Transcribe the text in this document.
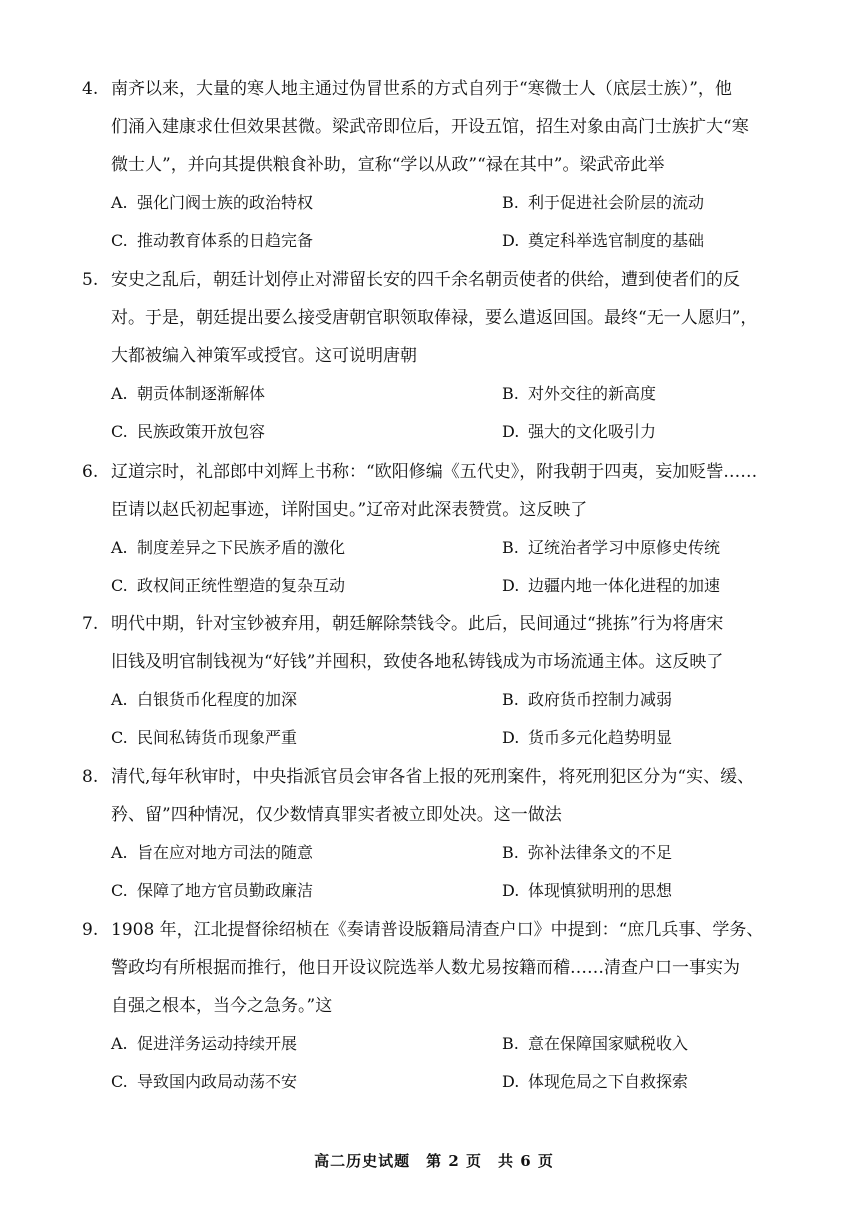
4. 南齐以来，大量的寒人地主通过伪冒世系的方式自列于“寒微士人（底层士族）”，他
们涌入建康求仕但效果甚微。梁武帝即位后，开设五馆，招生对象由高门士族扩大“寒
微士人”，并向其提供粮食补助，宣称“学以从政”“禄在其中”。梁武帝此举
A. 强化门阀士族的政治特权	B. 利于促进社会阶层的流动
C. 推动教育体系的日趋完备	D. 奠定科举选官制度的基础
5. 安史之乱后，朝廷计划停止对滞留长安的四千余名朝贡使者的供给，遭到使者们的反
对。于是，朝廷提出要么接受唐朝官职领取俸禄，要么遣返回国。最终“无一人愿归”，
大都被编入神策军或授官。这可说明唐朝
A. 朝贡体制逐渐解体	B. 对外交往的新高度
C. 民族政策开放包容	D. 强大的文化吸引力
6. 辽道宗时，礼部郎中刘辉上书称：“欧阳修编《五代史》，附我朝于四夷，妄加贬訾……
臣请以赵氏初起事迹，详附国史。”辽帝对此深表赞赏。这反映了
A. 制度差异之下民族矛盾的激化	B. 辽统治者学习中原修史传统
C. 政权间正统性塑造的复杂互动	D. 边疆内地一体化进程的加速
7. 明代中期，针对宝钞被弃用，朝廷解除禁钱令。此后，民间通过“挑拣”行为将唐宋
旧钱及明官制钱视为“好钱”并囤积，致使各地私铸钱成为市场流通主体。这反映了
A. 白银货币化程度的加深	B. 政府货币控制力减弱
C. 民间私铸货币现象严重	D. 货币多元化趋势明显
8. 清代,每年秋审时，中央指派官员会审各省上报的死刑案件，将死刑犯区分为“实、缓、
矜、留”四种情况，仅少数情真罪实者被立即处决。这一做法
A. 旨在应对地方司法的随意	B. 弥补法律条文的不足
C. 保障了地方官员勤政廉洁	D. 体现慎狱明刑的思想
9. 1908 年，江北提督徐绍桢在《奏请普设版籍局清查户口》中提到：“庶几兵事、学务、
警政均有所根据而推行，他日开设议院选举人数尤易按籍而稽……清查户口一事实为
自强之根本，当今之急务。”这
A. 促进洋务运动持续开展	B. 意在保障国家赋税收入
C. 导致国内政局动荡不安	D. 体现危局之下自救探索
高二历史试题　第 2 页　共 6 页
